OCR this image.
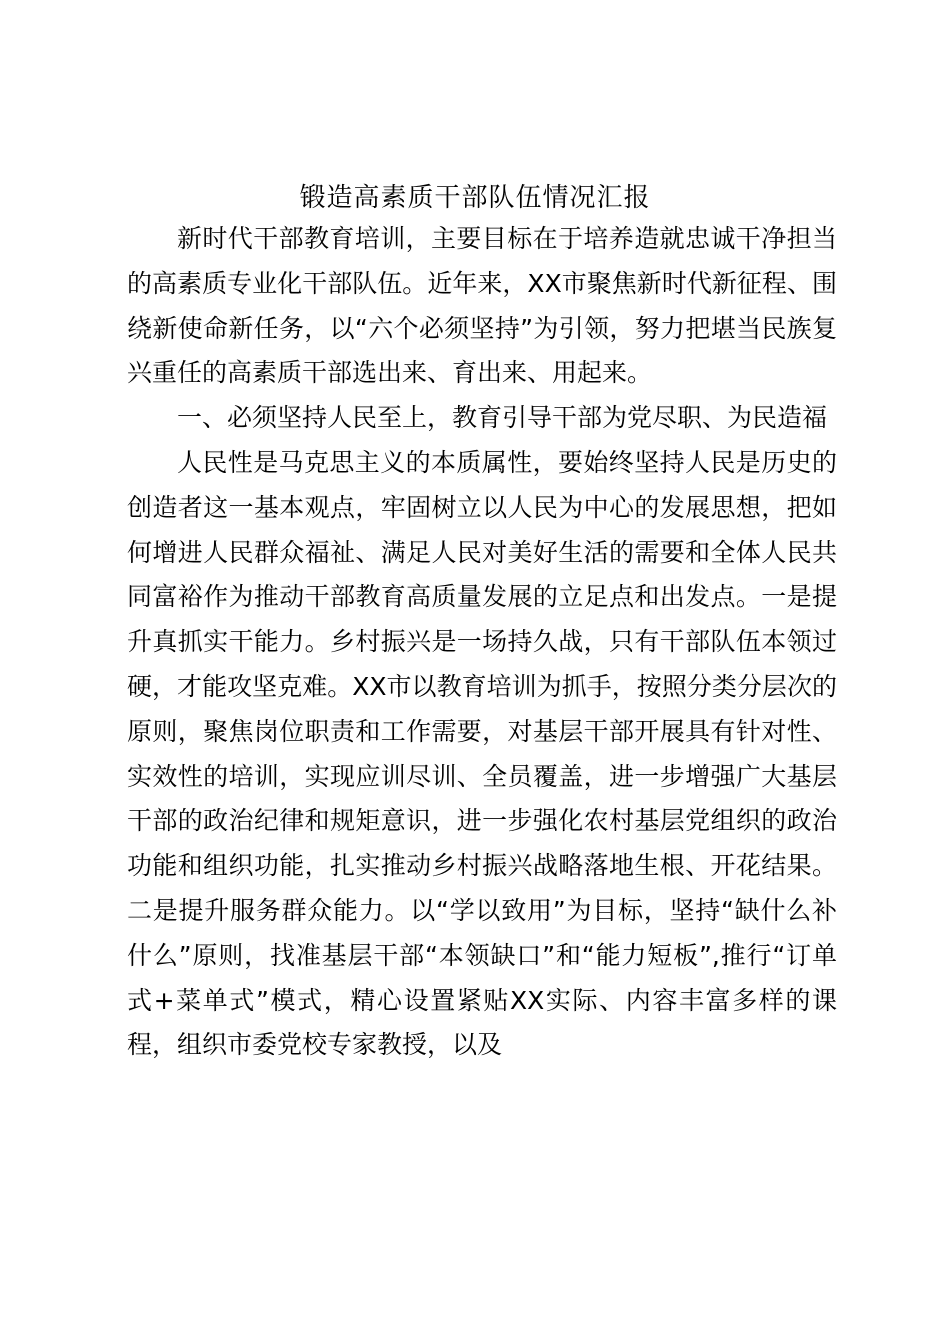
锻造高素质干部队伍情况汇报

新时代干部教育培训，主要目标在于培养造就忠诚干净担当的高素质专业化干部队伍。近年来，XX市聚焦新时代新征程、围绕新使命新任务，以“六个必须坚持”为引领，努力把堪当民族复兴重任的高素质干部选出来、育出来、用起来。

一、必须坚持人民至上，教育引导干部为党尽职、为民造福

人民性是马克思主义的本质属性，要始终坚持人民是历史的创造者这一基本观点，牢固树立以人民为中心的发展思想，把如何增进人民群众福祉、满足人民对美好生活的需要和全体人民共同富裕作为推动干部教育高质量发展的立足点和出发点。一是提升真抓实干能力。乡村振兴是一场持久战，只有干部队伍本领过硬，才能攻坚克难。XX市以教育培训为抓手，按照分类分层次的原则，聚焦岗位职责和工作需要，对基层干部开展具有针对性、实效性的培训，实现应训尽训、全员覆盖，进一步增强广大基层干部的政治纪律和规矩意识，进一步强化农村基层党组织的政治功能和组织功能，扎实推动乡村振兴战略落地生根、开花结果。二是提升服务群众能力。以“学以致用”为目标，坚持“缺什么补什么”原则，找准基层干部“本领缺口”和“能力短板”,推行“订单式+菜单式”模式，精心设置紧贴XX实际、内容丰富多样的课程，组织市委党校专家教授，以及
